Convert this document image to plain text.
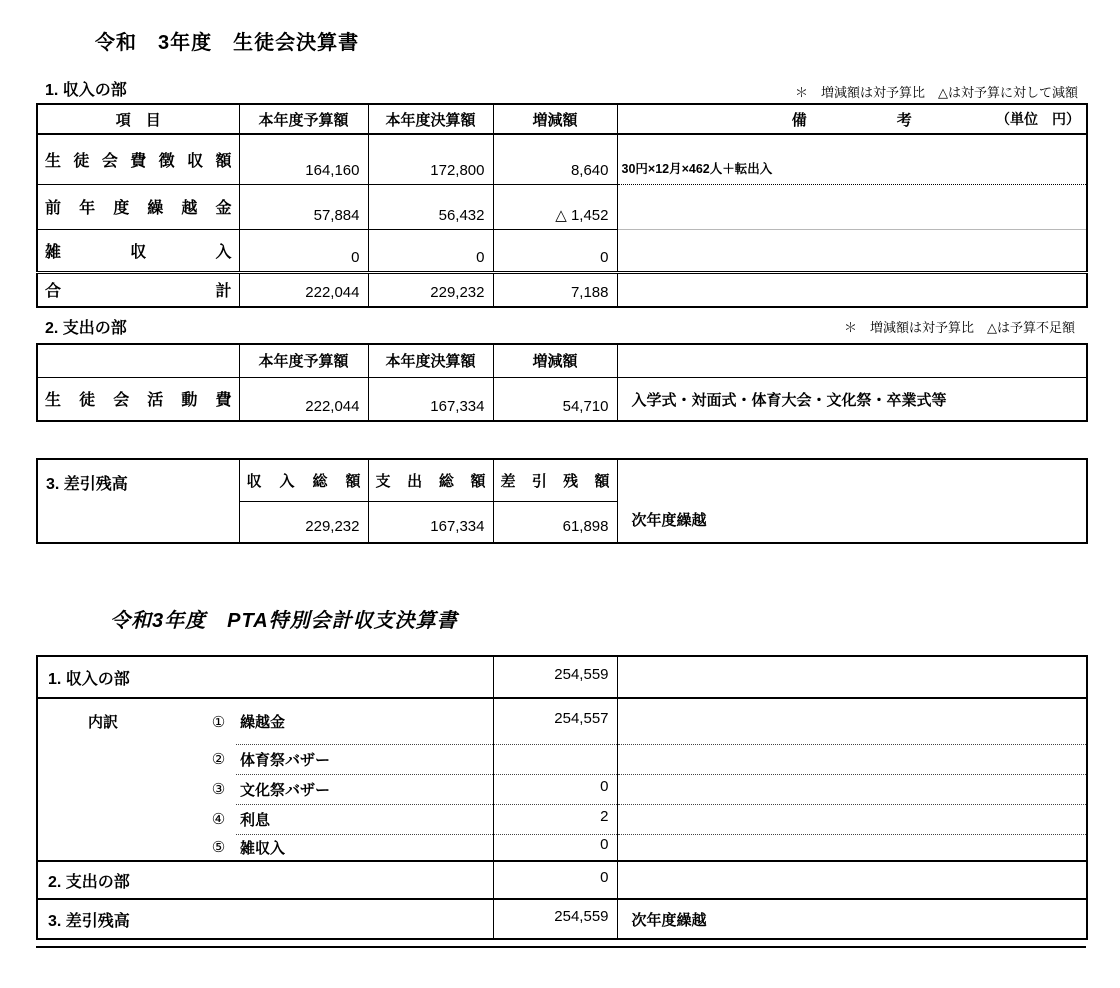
令和　3年度　生徒会決算書
1. 収入の部	＊　増減額は対予算比　△は対予算に対して減額
項　目	本年度予算額	本年度決算額	増減額	備　　　　　　考 （単位　円）

生 徒 会 費 徴 収 額	164,160	172,800	8,640	30円×12月×462人＋転出入
前 年 度 繰 越 金	57,884	56,432	△ 1,452	
雑 収 入	0	0	0	
合 計	222,044	229,232	7,188	
2. 支出の部	＊　増減額は対予算比　△は予算不足額
	本年度予算額	本年度決算額	増減額	
生 徒 会 活 動 費	222,044	167,334	54,710	入学式・対面式・体育大会・文化祭・卒業式等
3. 差引残高	収 入 総 額	支 出 総 額	差 引 残 額	次年度繰越
	229,232	167,334	61,898	
令和3年度　PTA特別会計収支決算書
1. 収入の部			254,559	
内訳	①	繰越金	254,557	
	②	体育祭バザー		
	③	文化祭バザー	0	
	④	利息	2	
	⑤	雑収入	0	
2. 支出の部			0	
3. 差引残高			254,559	次年度繰越
